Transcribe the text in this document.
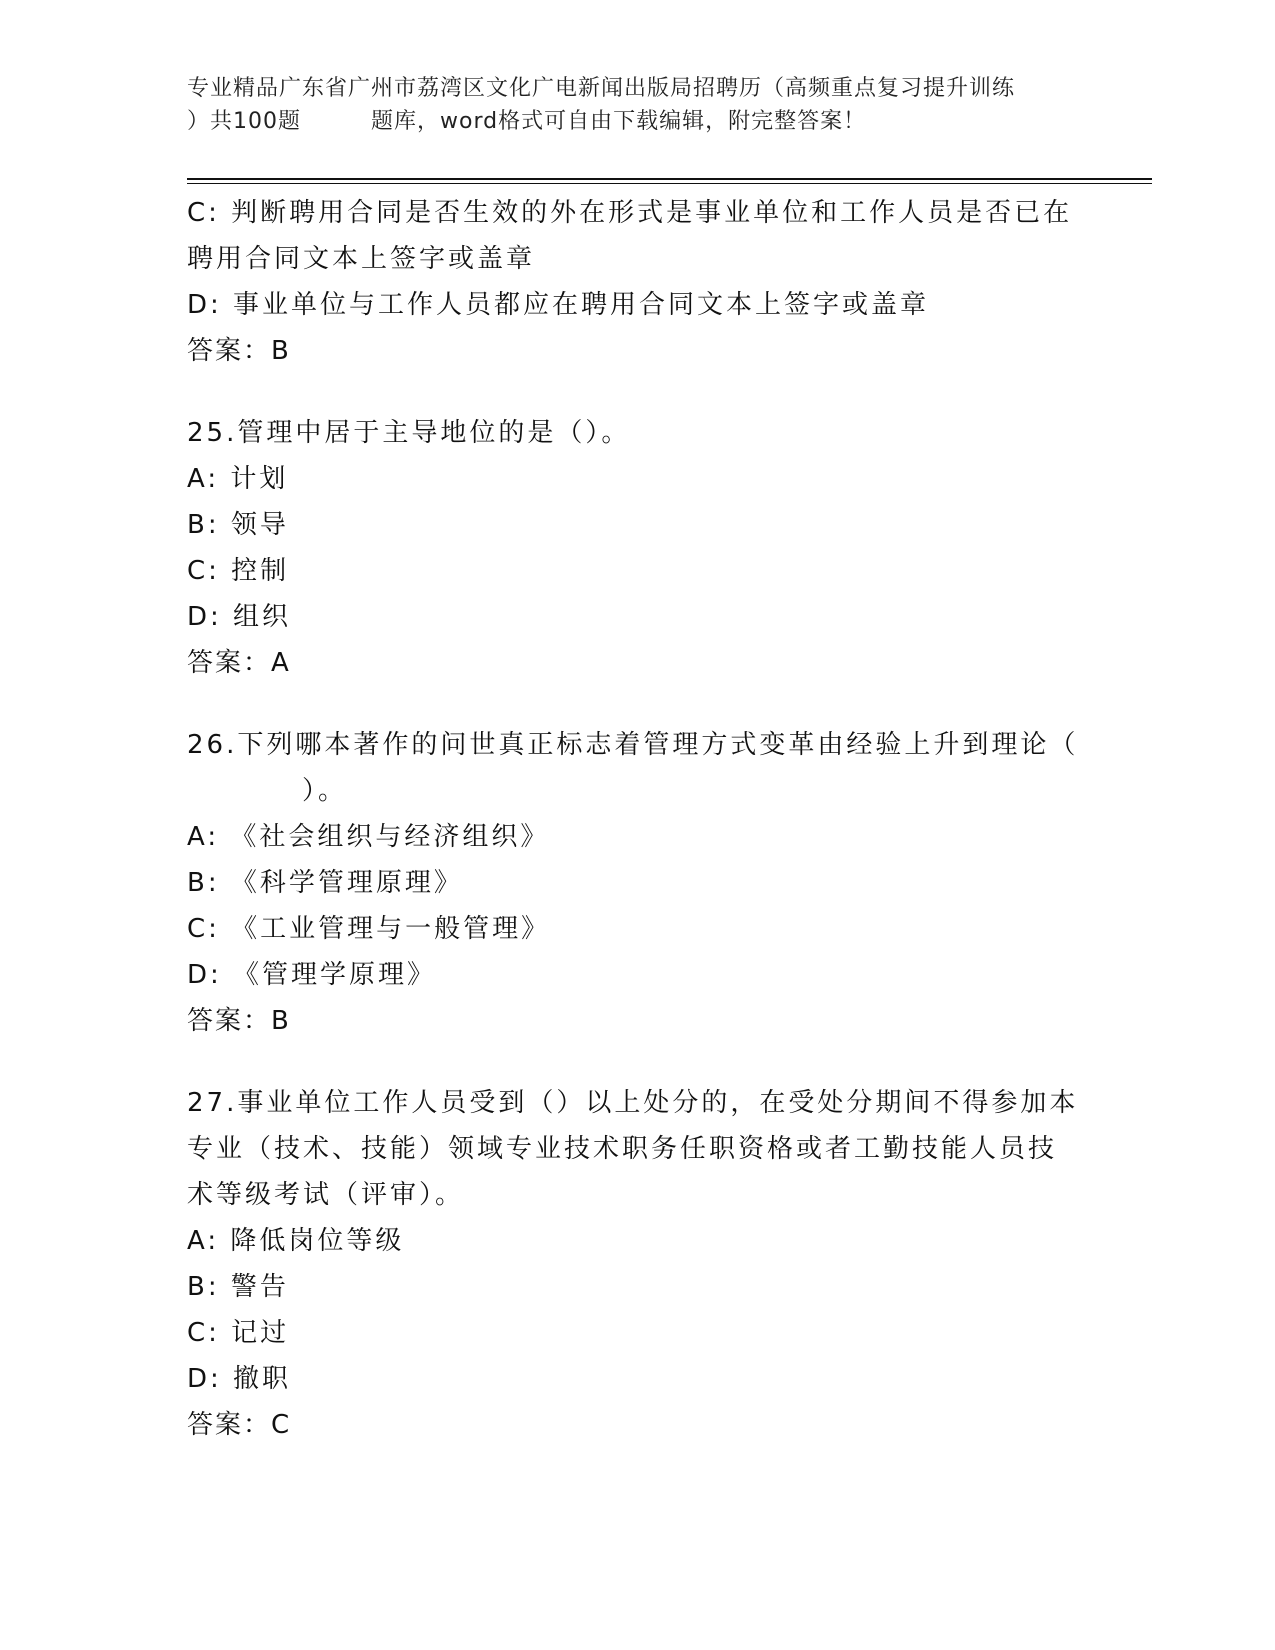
专业精品广东省广州市荔湾区文化广电新闻出版局招聘历（高频重点复习提升训练
）共100题	题库，word格式可自由下载编辑，附完整答案！
C: 判断聘用合同是否生效的外在形式是事业单位和工作人员是否已在
聘用合同文本上签字或盖章
D: 事业单位与工作人员都应在聘用合同文本上签字或盖章
答案：B
25.管理中居于主导地位的是（）。
A: 计划
B: 领导
C: 控制
D: 组织
答案：A
26.下列哪本著作的问世真正标志着管理方式变革由经验上升到理论（
）。
A: 《社会组织与经济组织》
B: 《科学管理原理》
C: 《工业管理与一般管理》
D: 《管理学原理》
答案：B
27.事业单位工作人员受到（）以上处分的，在受处分期间不得参加本
专业（技术、技能）领域专业技术职务任职资格或者工勤技能人员技
术等级考试（评审）。
A: 降低岗位等级
B: 警告
C: 记过
D: 撤职
答案：C
